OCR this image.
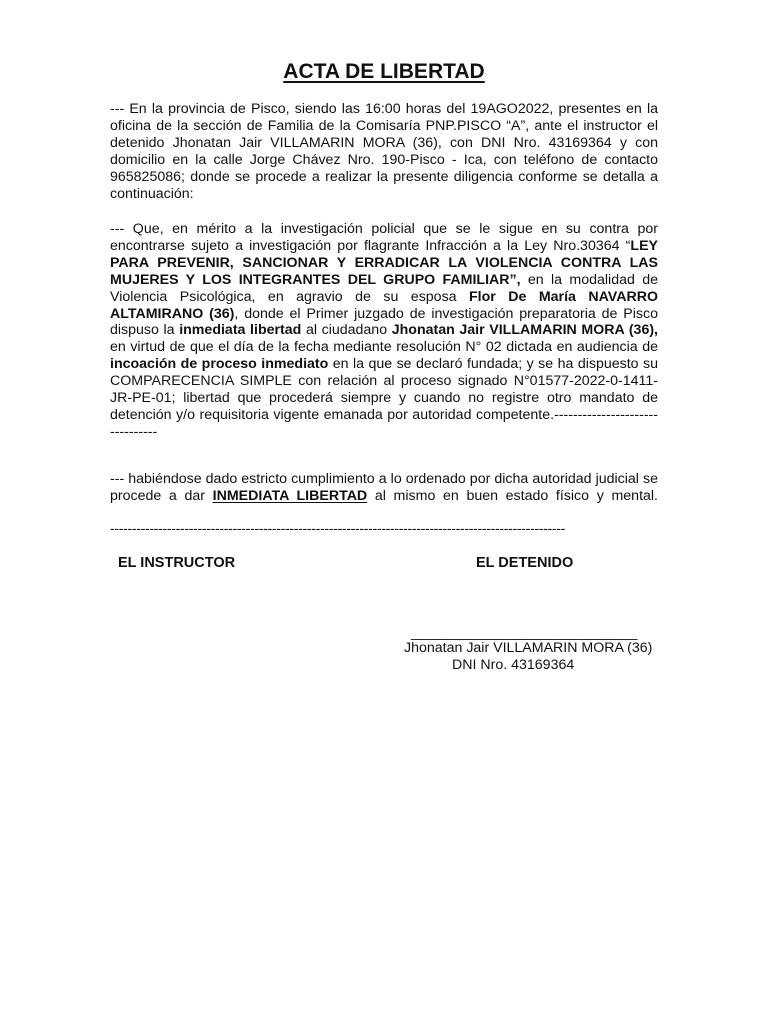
ACTA DE LIBERTAD

--- En la provincia de Pisco, siendo las 16:00 horas del 19AGO2022, presentes en la oficina de la sección de Familia de la Comisaría PNP.PISCO “A”, ante el instructor el detenido Jhonatan Jair VILLAMARIN MORA (36), con DNI Nro. 43169364 y con domicilio en la calle Jorge Chávez Nro. 190-Pisco - Ica, con teléfono de contacto 965825086; donde se procede a realizar la presente diligencia conforme se detalla a continuación:

--- Que, en mérito a la investigación policial que se le sigue en su contra por encontrarse sujeto a investigación por flagrante Infracción a la Ley Nro.30364 “LEY PARA PREVENIR, SANCIONAR Y ERRADICAR LA VIOLENCIA CONTRA LAS MUJERES Y LOS INTEGRANTES DEL GRUPO FAMILIAR”, en la modalidad de Violencia Psicológica, en agravio de su esposa Flor De María NAVARRO ALTAMIRANO (36), donde el Primer juzgado de investigación preparatoria de Pisco dispuso la inmediata libertad al ciudadano Jhonatan Jair VILLAMARIN MORA (36), en virtud de que el día de la fecha mediante resolución N° 02 dictada en audiencia de incoación de proceso inmediato en la que se declaró fundada; y se ha dispuesto su COMPARECENCIA SIMPLE con relación al proceso signado N°01577-2022-0-1411-JR-PE-01; libertad que procederá siempre y cuando no registre otro mandato de detención y/o requisitoria vigente emanada por autoridad competente.--------------------------------

--- habiéndose dado estricto cumplimiento a lo ordenado por dicha autoridad judicial se procede a dar INMEDIATA LIBERTAD al mismo en buen estado físico y mental.

--------------------------------------------------------------------------------------------------------

EL INSTRUCTOR	EL DETENIDO

_______________________________

Jhonatan Jair VILLAMARIN MORA (36)

DNI Nro. 43169364
